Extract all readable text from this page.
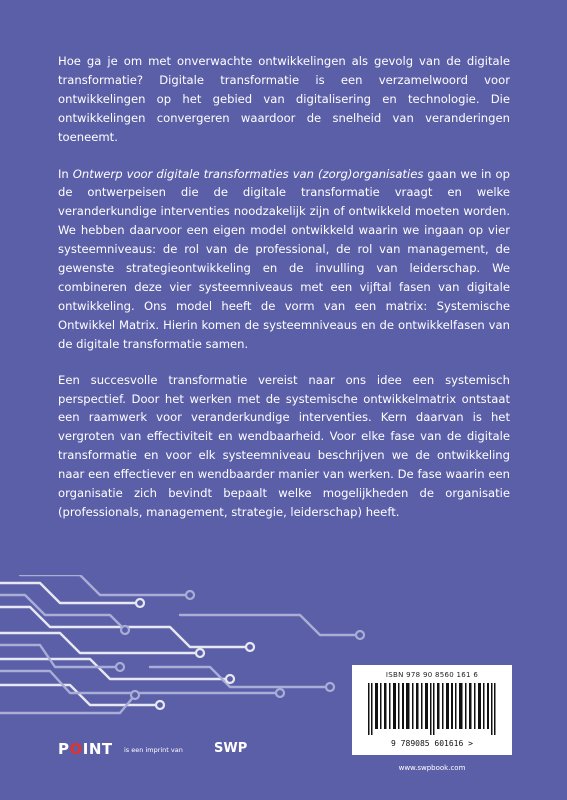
Hoe ga je om met onverwachte ontwikkelingen als gevolg van de digitale transformatie? Digitale transformatie is een verzamelwoord voor ontwikkelingen op het gebied van digitalisering en technologie. Die ontwikkelingen convergeren waardoor de snelheid van veranderingen toeneemt.

In Ontwerp voor digitale transformaties van (zorg)organisaties gaan we in op de ontwerpeisen die de digitale transformatie vraagt en welke veranderkundige interventies noodzakelijk zijn of ontwikkeld moeten worden. We hebben daarvoor een eigen model ontwikkeld waarin we ingaan op vier systeemniveaus: de rol van de professional, de rol van management, de gewenste strategieontwikkeling en de invulling van leiderschap. We combineren deze vier systeemniveaus met een vijftal fasen van digitale ontwikkeling. Ons model heeft de vorm van een matrix: Systemische Ontwikkel Matrix. Hierin komen de systeemniveaus en de ontwikkelfasen van de digitale transformatie samen.

Een succesvolle transformatie vereist naar ons idee een systemisch perspectief. Door het werken met de systemische ontwikkelmatrix ontstaat een raamwerk voor veranderkundige interventies. Kern daarvan is het vergroten van effectiviteit en wendbaarheid. Voor elke fase van de digitale transformatie en voor elk systeemniveau beschrijven we de ontwikkeling naar een effectiever en wendbaarder manier van werken. De fase waarin een organisatie zich bevindt bepaalt welke mogelijkheden de organisatie (professionals, management, strategie, leiderschap) heeft.

POINT is een imprint van SWP
ISBN 978 90 8560 161 6
9 789085 601616 >
www.swpbook.com
